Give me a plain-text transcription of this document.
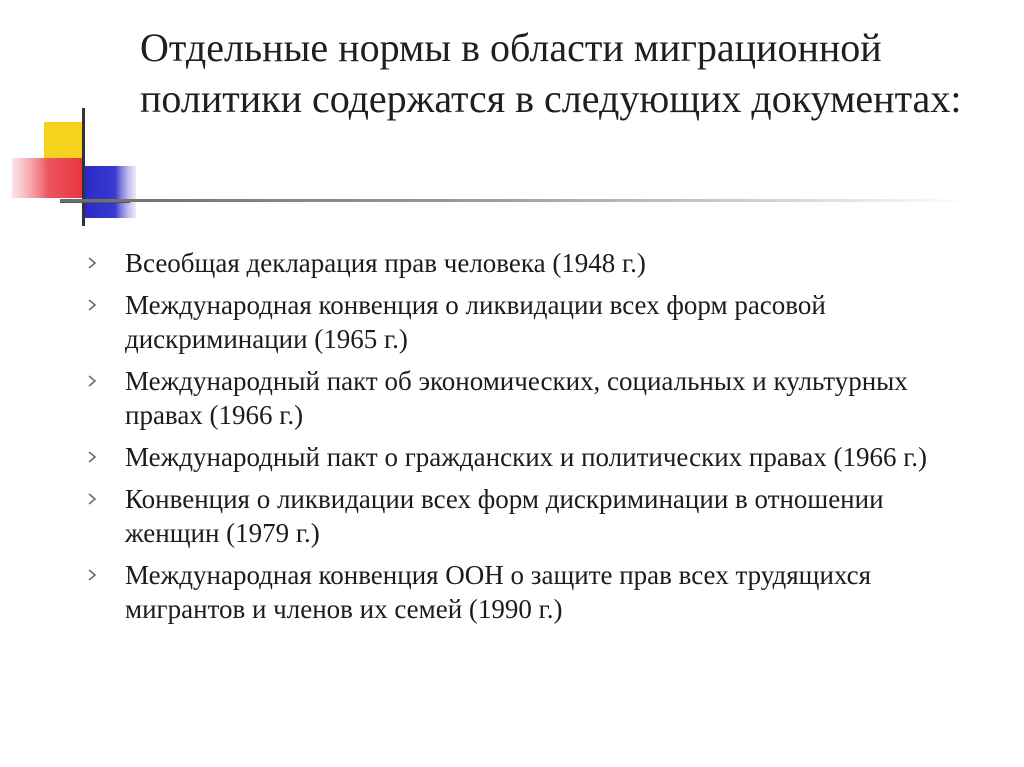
Отдельные нормы в области миграционной политики содержатся в следующих документах:
Всеобщая декларация прав человека (1948 г.)
Международная конвенция о ликвидации всех форм расовой дискриминации (1965 г.)
Международный пакт об экономических, социальных и культурных правах (1966 г.)
Международный пакт о гражданских и политических правах (1966 г.)
Конвенция о ликвидации всех форм дискриминации в отношении женщин (1979 г.)
Международная конвенция ООН о защите прав всех трудящихся мигрантов и членов их семей (1990 г.)
